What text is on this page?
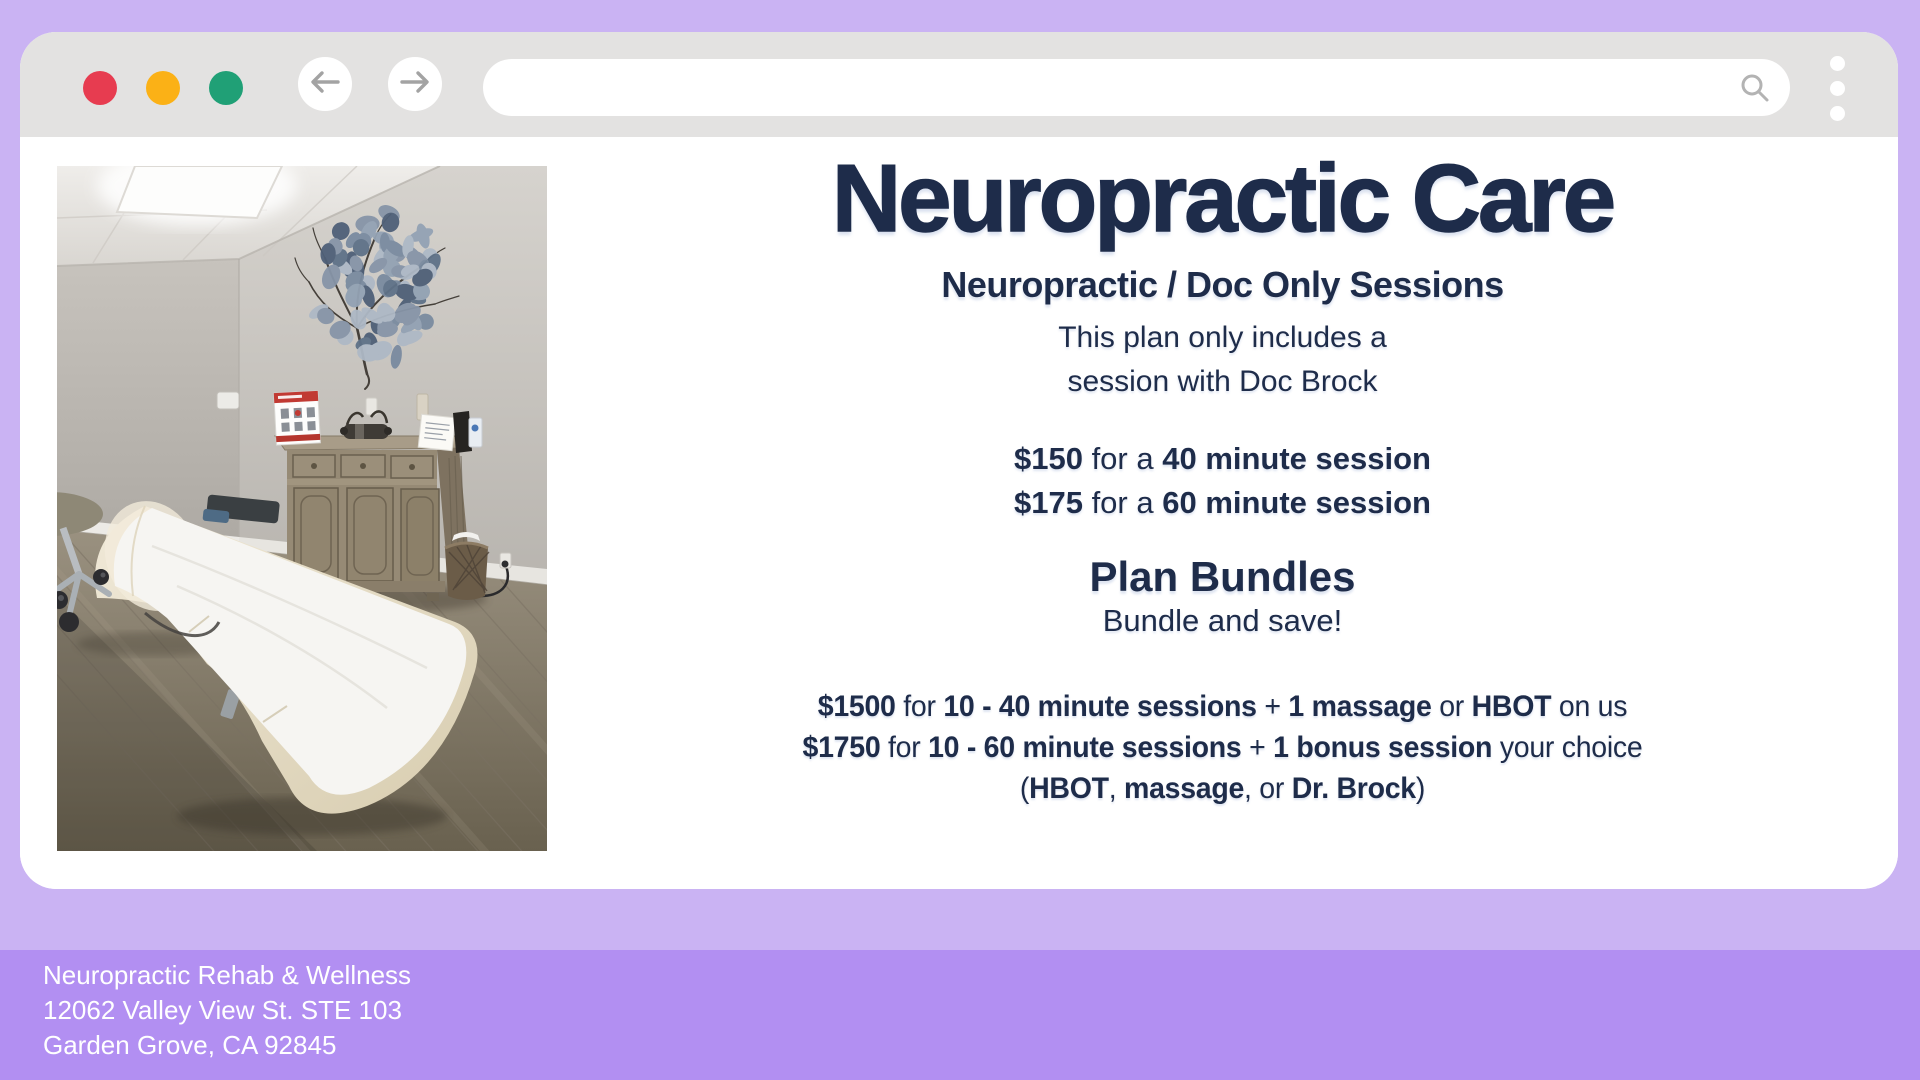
Neuropractic Care
Neuropractic / Doc Only Sessions
This plan only includes a
session with Doc Brock
$150 for a 40 minute session
$175 for a 60 minute session
Plan Bundles
Bundle and save!
$1500 for 10 - 40 minute sessions + 1 massage or HBOT on us
$1750 for 10 - 60 minute sessions + 1 bonus session your choice
(HBOT, massage, or Dr. Brock)
Neuropractic Rehab & Wellness
12062 Valley View St. STE 103
Garden Grove, CA 92845
